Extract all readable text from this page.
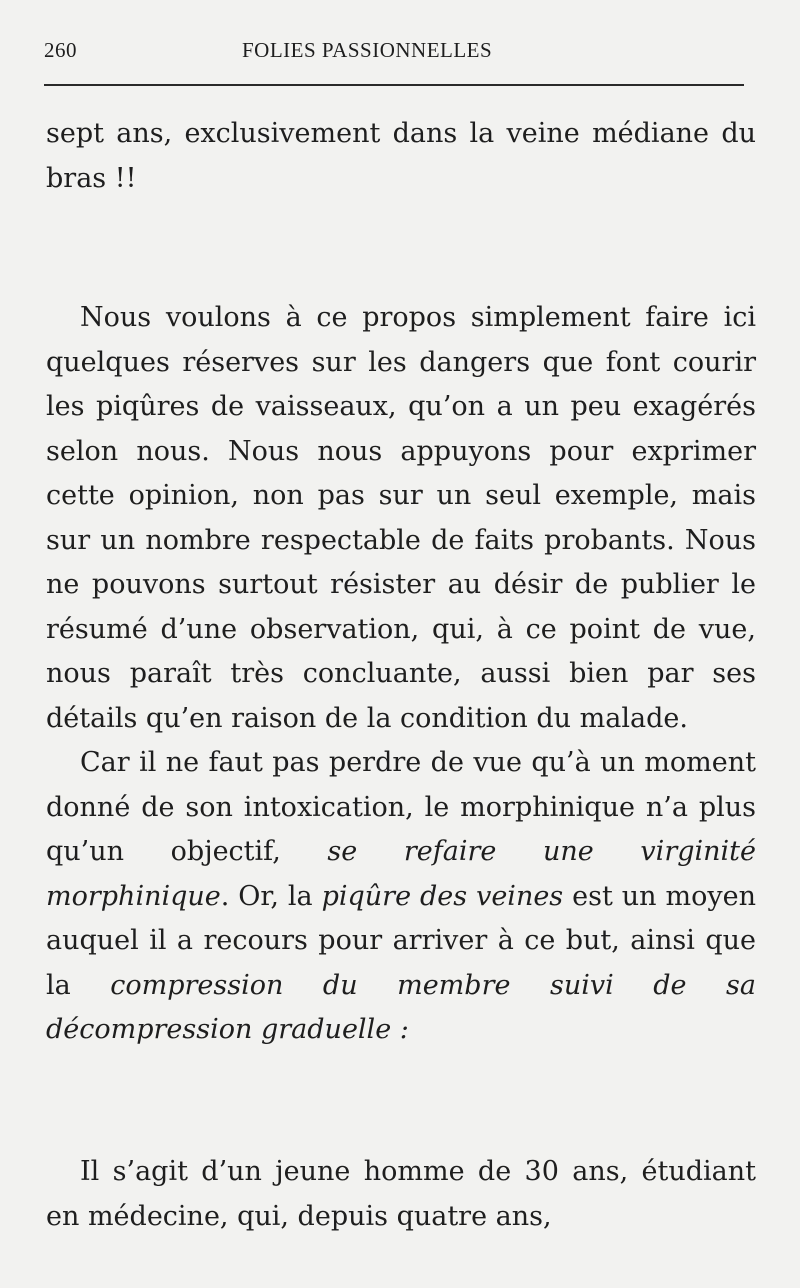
260	FOLIES PASSIONNELLES

sept ans, exclusivement dans la veine médiane du bras !!

Nous voulons à ce propos simplement faire ici quelques réserves sur les dangers que font courir les piqûres de vaisseaux, qu’on a un peu exagérés selon nous. Nous nous appuyons pour exprimer cette opinion, non pas sur un seul exemple, mais sur un nombre respectable de faits probants. Nous ne pouvons surtout résister au désir de publier le résumé d’une observation, qui, à ce point de vue, nous paraît très concluante, aussi bien par ses détails qu’en raison de la condition du malade.

Car il ne faut pas perdre de vue qu’à un moment donné de son intoxication, le morphinique n’a plus qu’un objectif, se refaire une virginité morphinique. Or, la piqûre des veines est un moyen auquel il a recours pour arriver à ce but, ainsi que la compression du membre suivi de sa décompression graduelle :

Il s’agit d’un jeune homme de 30 ans, étudiant en médecine, qui, depuis quatre ans,
